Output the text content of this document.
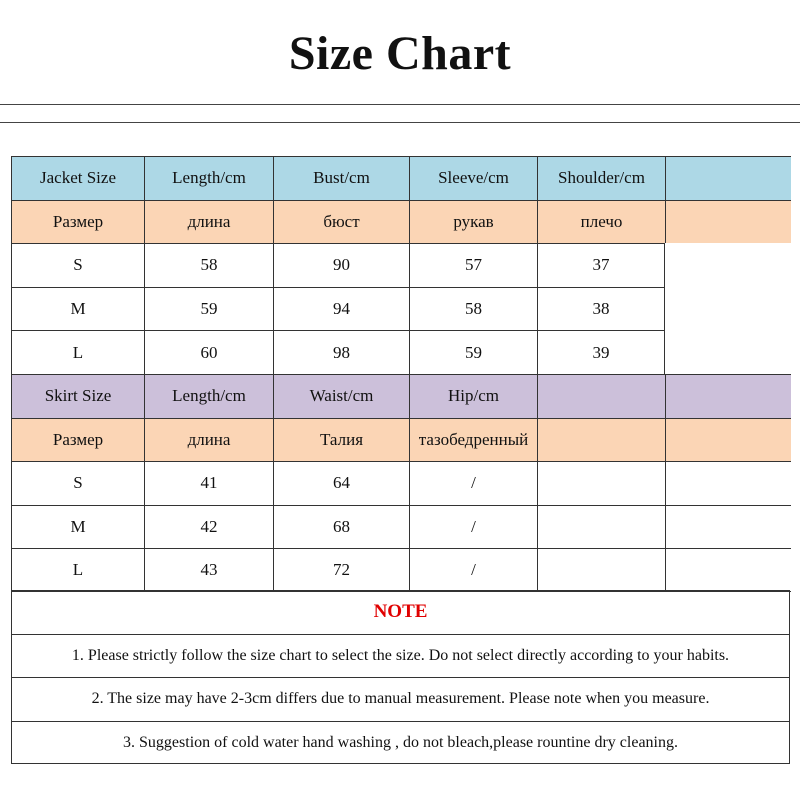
Size Chart
Jacket Size	Length/cm	Bust/cm	Sleeve/cm	Shoulder/cm
Размер	длина	бюст	рукав	плечо
S	58	90	57	37
M	59	94	58	38
L	60	98	59	39
Skirt Size	Length/cm	Waist/cm	Hip/cm
Размер	длина	Талия	тазобедренный
S	41	64	/
M	42	68	/
L	43	72	/
NOTE
1. Please strictly follow the size chart to select the size. Do not select directly according to your habits.
2. The size may have 2-3cm differs due to manual measurement. Please note when you measure.
3. Suggestion of cold water hand washing , do not bleach,please rountine dry cleaning.
